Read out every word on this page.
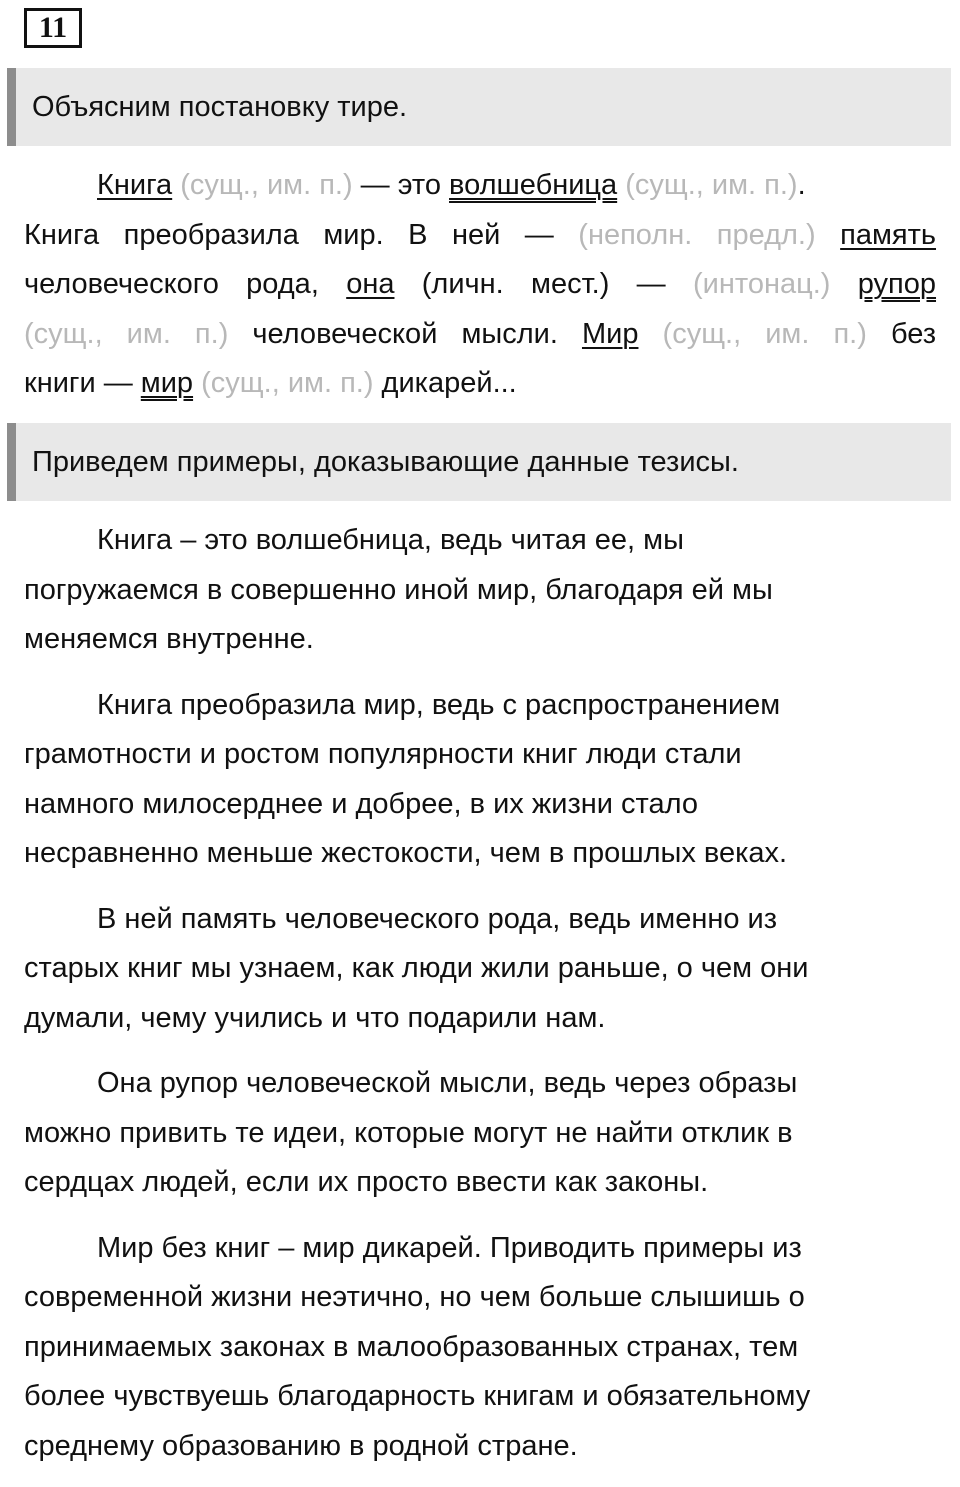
11
Объясним постановку тире.
Книга (сущ., им. п.) — это волшебница (сущ., им. п.).
Книга преобразила мир. В ней — (неполн. предл.) память
человеческого рода, она (личн. мест.) — (интонац.) рупор
(сущ., им. п.) человеческой мысли. Мир (сущ., им. п.) без
книги — мир (сущ., им. п.) дикарей...
Приведем примеры, доказывающие данные тезисы.
Книга – это волшебница, ведь читая ее, мы
погружаемся в совершенно иной мир, благодаря ей мы
меняемся внутренне.
Книга преобразила мир, ведь с распространением
грамотности и ростом популярности книг люди стали
намного милосерднее и добрее, в их жизни стало
несравненно меньше жестокости, чем в прошлых веках.
В ней память человеческого рода, ведь именно из
старых книг мы узнаем, как люди жили раньше, о чем они
думали, чему учились и что подарили нам.
Она рупор человеческой мысли, ведь через образы
можно привить те идеи, которые могут не найти отклик в
сердцах людей, если их просто ввести как законы.
Мир без книг – мир дикарей. Приводить примеры из
современной жизни неэтично, но чем больше слышишь о
принимаемых законах в малообразованных странах, тем
более чувствуешь благодарность книгам и обязательному
среднему образованию в родной стране.
